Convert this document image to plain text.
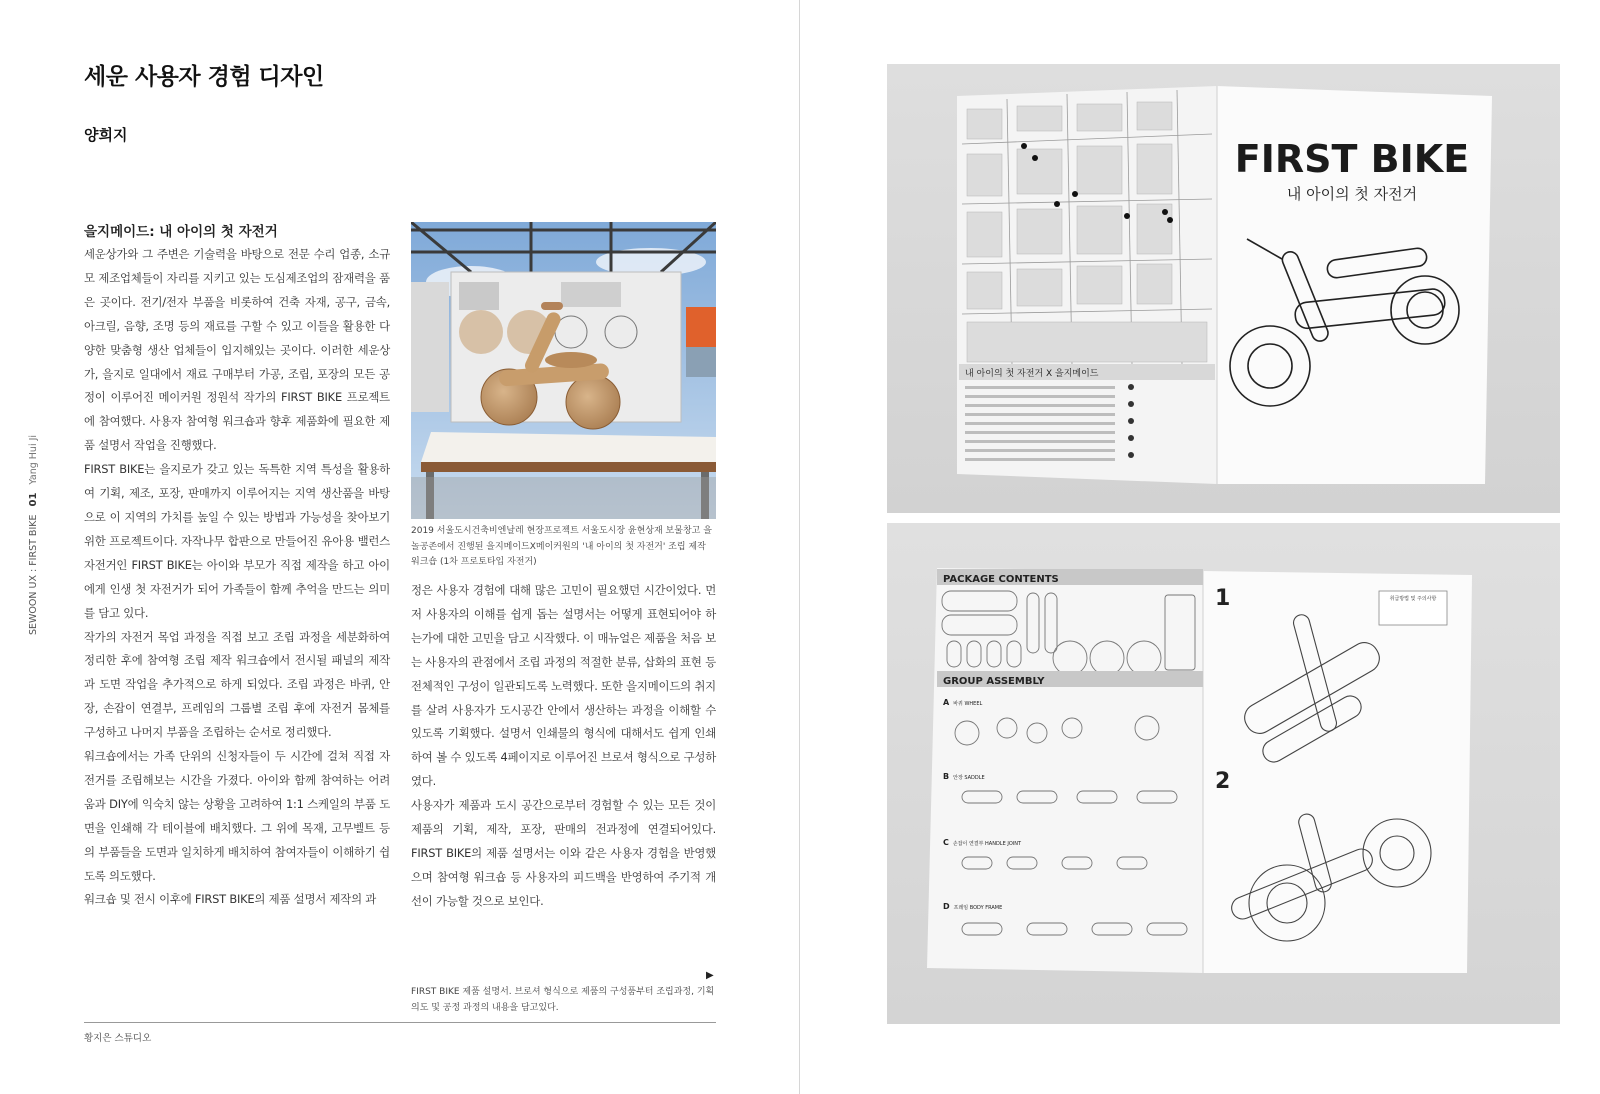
세운 사용자 경험 디자인
양희지
SEWOON UX : FIRST BIKE
01
Yang Hui Ji
을지메이드: 내 아이의 첫 자전거

세운상가와 그 주변은 기술력을 바탕으로 전문 수리 업종, 소규모 제조업체들이 자리를 지키고 있는 도심제조업의 잠재력을 품은 곳이다. 전기/전자 부품을 비롯하여 건축 자재, 공구, 금속, 아크릴, 음향, 조명 등의 재료를 구할 수 있고 이들을 활용한 다양한 맞춤형 생산 업체들이 입지해있는 곳이다. 이러한 세운상가, 을지로 일대에서 재료 구매부터 가공, 조립, 포장의 모든 공정이 이루어진 메이커원 정원석 작가의 FIRST BIKE 프로젝트에 참여했다. 사용자 참여형 워크숍과 향후 제품화에 필요한 제품 설명서 작업을 진행했다.

FIRST BIKE는 을지로가 갖고 있는 독특한 지역 특성을 활용하여 기획, 제조, 포장, 판매까지 이루어지는 지역 생산품을 바탕으로 이 지역의 가치를 높일 수 있는 방법과 가능성을 찾아보기 위한 프로젝트이다. 자작나무 합판으로 만들어진 유아용 밸런스 자전거인 FIRST BIKE는 아이와 부모가 직접 제작을 하고 아이에게 인생 첫 자전거가 되어 가족들이 함께 추억을 만드는 의미를 담고 있다.

작가의 자전거 목업 과정을 직접 보고 조립 과정을 세분화하여 정리한 후에 참여형 조립 제작 워크숍에서 전시될 패널의 제작과 도면 작업을 추가적으로 하게 되었다. 조립 과정은 바퀴, 안장, 손잡이 연결부, 프레임의 그룹별 조립 후에 자전거 몸체를 구성하고 나머지 부품을 조립하는 순서로 정리했다.

워크숍에서는 가족 단위의 신청자들이 두 시간에 걸쳐 직접 자전거를 조립해보는 시간을 가졌다. 아이와 함께 참여하는 어려움과 DIY에 익숙치 않는 상황을 고려하여 1:1 스케일의 부품 도면을 인쇄해 각 테이블에 배치했다. 그 위에 목재, 고무벨트 등의 부품들을 도면과 일치하게 배치하여 참여자들이 이해하기 쉽도록 의도했다.

워크숍 및 전시 이후에 FIRST BIKE의 제품 설명서 제작의 과

2019 서울도시건축비엔날레 현장프로젝트 서울도시장 윤현상재 보물창고 을놀공존에서 진행된 을지메이드X메이커원의 '내 아이의 첫 자전거' 조립 제작 워크숍 (1차 프로토타입 자전거)

정은 사용자 경험에 대해 많은 고민이 필요했던 시간이었다. 먼저 사용자의 이해를 쉽게 돕는 설명서는 어떻게 표현되어야 하는가에 대한 고민을 담고 시작했다. 이 매뉴얼은 제품을 처음 보는 사용자의 관점에서 조립 과정의 적절한 분류, 삽화의 표현 등 전체적인 구성이 일관되도록 노력했다. 또한 을지메이드의 취지를 살려 사용자가 도시공간 안에서 생산하는 과정을 이해할 수 있도록 기획했다. 설명서 인쇄물의 형식에 대해서도 쉽게 인쇄하여 볼 수 있도록 4페이지로 이루어진 브로셔 형식으로 구성하였다.

사용자가 제품과 도시 공간으로부터 경험할 수 있는 모든 것이 제품의 기획, 제작, 포장, 판매의 전과정에 연결되어있다. FIRST BIKE의 제품 설명서는 이와 같은 사용자 경험을 반영했으며 참여형 워크숍 등 사용자의 피드백을 반영하여 주기적 개선이 가능할 것으로 보인다.

▶
FIRST BIKE 제품 설명서. 브로셔 형식으로 제품의 구성품부터 조립과정, 기획의도 및 공정 과정의 내용을 담고있다.
황지은 스튜디오
내 아이의 첫 자전거 X 을지메이드
FIRST BIKE
내 아이의 첫 자전거
PACKAGE CONTENTS
GROUP ASSEMBLY
A바퀴 WHEEL
B안장 SADDLE
C손잡이 연결부 HANDLE JOINT
D프레임 BODY FRAME
1
2
취급방법 및 주의사항
